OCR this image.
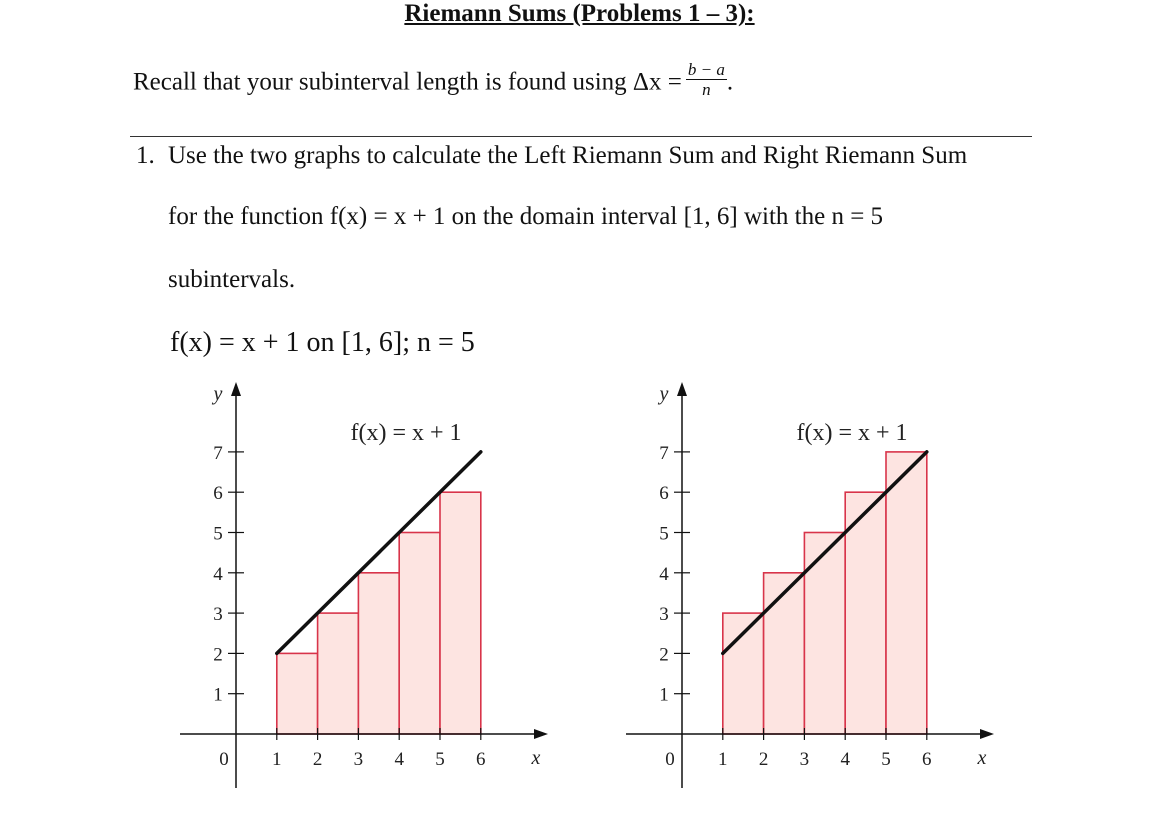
Riemann Sums (Problems 1 – 3):
Recall that your subinterval length is found using $\Delta x = \frac{b - a}{n}$ .
1. Use the two graphs to calculate the Left Riemann Sum and Right Riemann Sum
for the function f(x) = x + 1 on the domain interval [1, 6] with the n = 5
subintervals.
f(x) = x + 1 on [1, 6]; n = 5
0 1 2 3 4 5 6
1
2
3
4
5
6
7
x
y
f(x) = x + 1
0 1 2 3 4 5 6
1
2
3
4
5
6
7
x
y
f(x) = x + 1
